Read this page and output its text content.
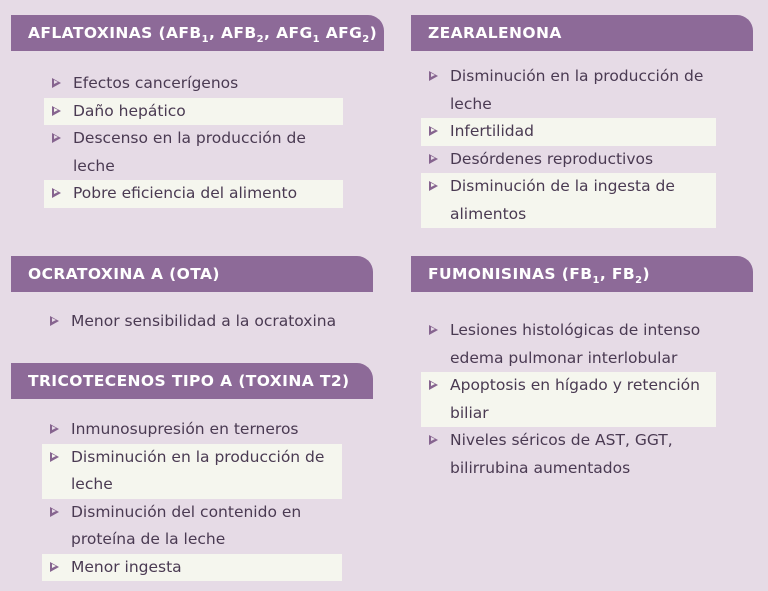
AFLATOXINAS ($AFB_1$, $AFB_2$, $AFG_1$ $AFG_2$)
Efectos cancerígenos
Daño hepático
Descenso en la producción de leche
Pobre eficiencia del alimento
OCRATOXINA A (OTA)
Menor sensibilidad a la ocratoxina
TRICOTECENOS TIPO A (TOXINA T2)
Inmunosupresión en terneros
Disminución en la producción de leche
Disminución del contenido en proteína de la leche
Menor ingesta
ZEARALENONA
Disminución en la producción de leche
Infertilidad
Desórdenes reproductivos
Disminución de la ingesta de alimentos
FUMONISINAS ($FB_1$, $FB_2$)
Lesiones histológicas de intenso edema pulmonar interlobular
Apoptosis en hígado y retención biliar
Niveles séricos de AST, GGT, bilirrubina aumentados
